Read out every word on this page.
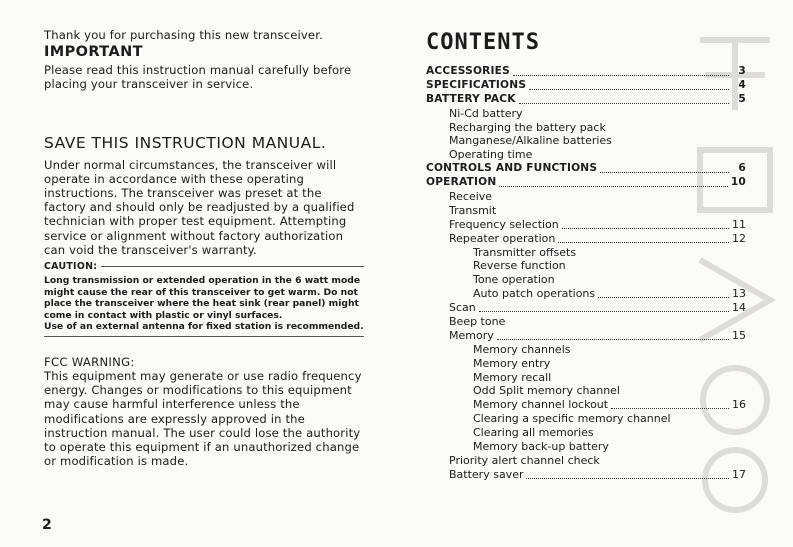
Thank you for purchasing this new transceiver.

IMPORTANT

Please read this instruction manual carefully before placing your transceiver in service.

SAVE THIS INSTRUCTION MANUAL.

Under normal circumstances, the transceiver will operate in accordance with these operating instructions. The transceiver was preset at the factory and should only be readjusted by a qualified technician with proper test equipment. Attempting service or alignment without factory authorization can void the transceiver's warranty.

CAUTION:

Long transmission or extended operation in the 6 watt mode might cause the rear of this transceiver to get warm. Do not place the transceiver where the heat sink (rear panel) might come in contact with plastic or vinyl surfaces.

Use of an external antenna for fixed station is recommended.

FCC WARNING:

This equipment may generate or use radio frequency energy. Changes or modifications to this equipment may cause harmful interference unless the modifications are expressly approved in the instruction manual. The user could lose the authority to operate this equipment if an unauthorized change or modification is made.

2
CONTENTS
ACCESSORIES	3
SPECIFICATIONS	4
BATTERY PACK	5
Ni-Cd battery
Recharging the battery pack
Manganese/Alkaline batteries
Operating time
CONTROLS AND FUNCTIONS	6
OPERATION	10
Receive
Transmit
Frequency selection	11
Repeater operation	12
Transmitter offsets
Reverse function
Tone operation
Auto patch operations	13
Scan	14
Beep tone
Memory	15
Memory channels
Memory entry
Memory recall
Odd Split memory channel
Memory channel lockout	16
Clearing a specific memory channel
Clearing all memories
Memory back-up battery
Priority alert channel check
Battery saver	17
